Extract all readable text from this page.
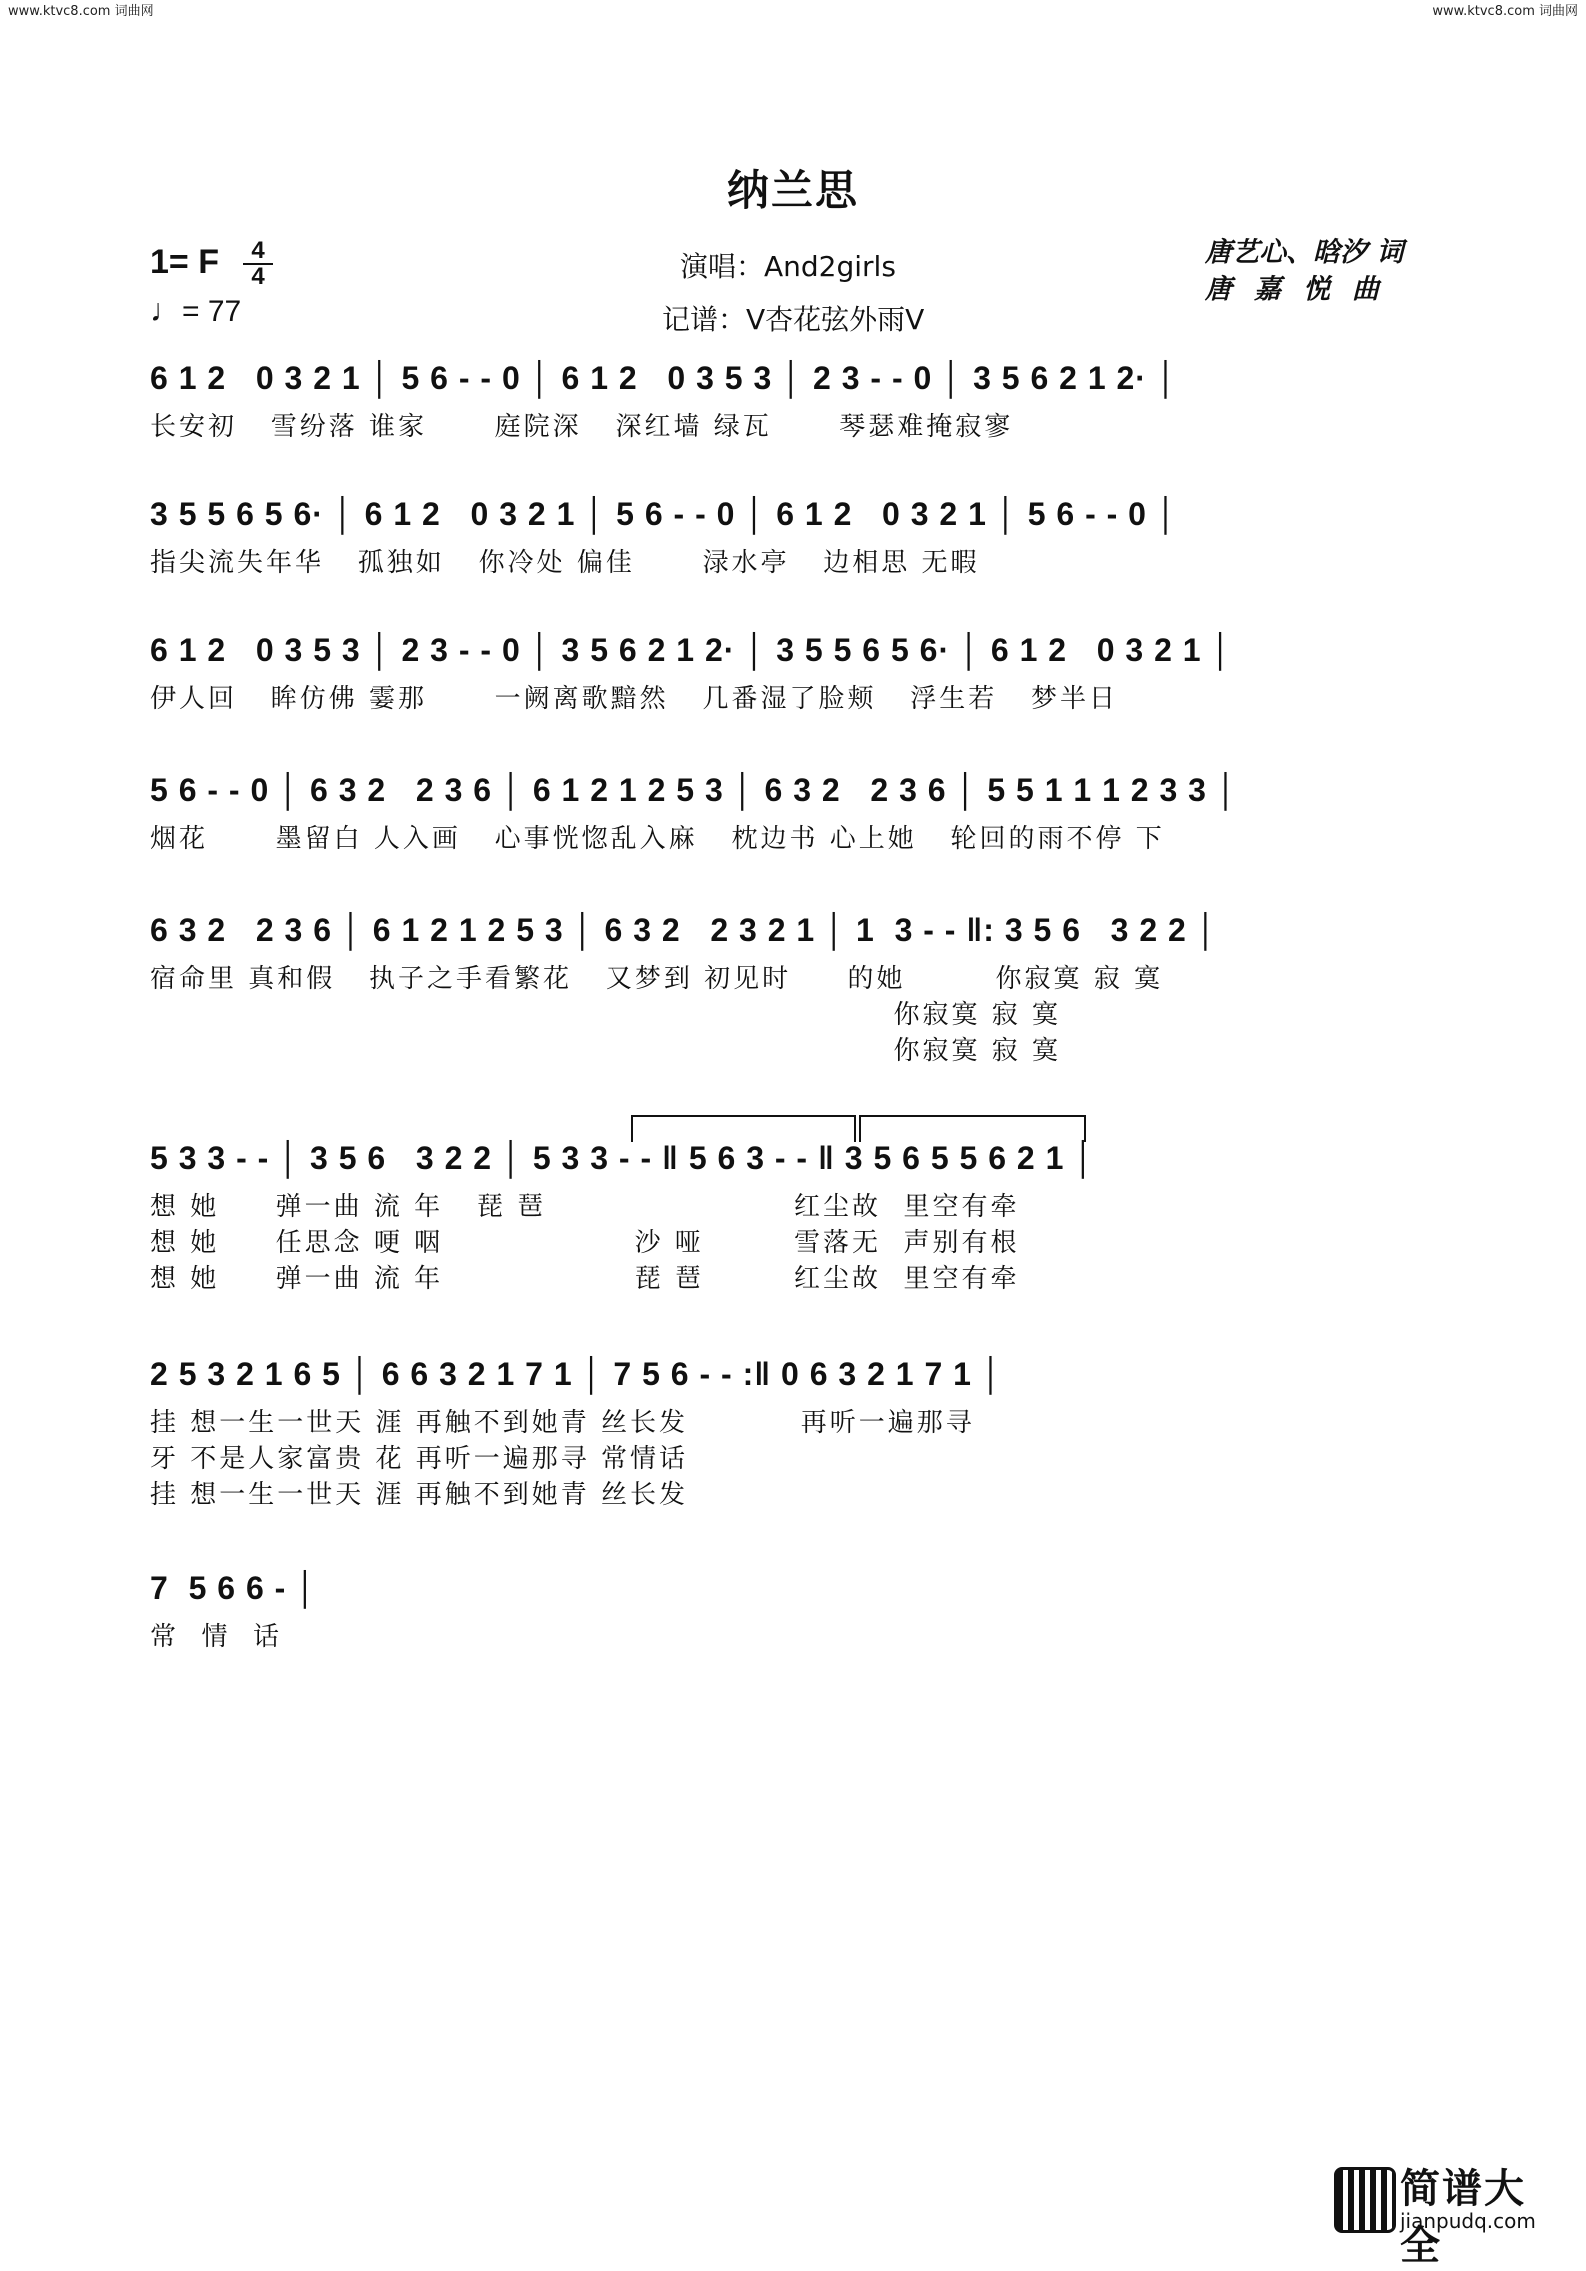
www.ktvc8.com 词曲网	www.ktvc8.com 词曲网
纳兰思
1= F	4
4
♩= 77
演唱：And2girls
记谱：V杏花弦外雨V
唐艺心、晗汐 词
唐嘉悦曲
6 1 2   0 3 2 1 │ 5 6 - - 0 │ 6 1 2   0 3 5 3 │ 2 3 - - 0 │ 3 5 6 2 1 2· │
长安初   雪纷落 谁家      庭院深   深红墙 绿瓦      琴瑟难掩寂寥
3 5 5 6 5 6· │ 6 1 2   0 3 2 1 │ 5 6 - - 0 │ 6 1 2   0 3 2 1 │ 5 6 - - 0 │
指尖流失年华   孤独如   你冷处 偏佳      渌水亭   边相思 无暇
6 1 2   0 3 5 3 │ 2 3 - - 0 │ 3 5 6 2 1 2· │ 3 5 5 6 5 6· │ 6 1 2   0 3 2 1 │
伊人回   眸仿佛 霎那      一阙离歌黯然   几番湿了脸颊   浮生若   梦半日
5 6 - - 0 │ 6 3 2   2 3 6 │ 6 1 2 1 2 5 3 │ 6 3 2   2 3 6 │ 5 5 1 1 1 2 3 3 │
烟花      墨留白 人入画   心事恍惚乱入麻   枕边书 心上她   轮回的雨不停 下
6 3 2   2 3 6 │ 6 1 2 1 2 5 3 │ 6 3 2   2 3 2 1 │ 1  3 - - ‖: 3 5 6   3 2 2 │
宿命里 真和假   执子之手看繁花   又梦到 初见时     的她        你寂寞 寂 寞
你寂寞 寂 寞
你寂寞 寂 寞
5 3 3 - - │ 3 5 6   3 2 2 │ 5 3 3 - - ‖ 5 6 3 - - ‖ 3 5 6 5 5 6 2 1 │
想 她     弹一曲 流 年   琵 琶                      红尘故  里空有牵
想 她     任思念 哽 咽                 沙 哑        雪落无  声别有根
想 她     弹一曲 流 年                 琵 琶        红尘故  里空有牵
2 5 3 2 1 6 5 │ 6 6 3 2 1 7 1 │ 7 5 6 - - :‖ 0 6 3 2 1 7 1 │
挂 想一生一世天 涯 再触不到她青 丝长发          再听一遍那寻
牙 不是人家富贵 花 再听一遍那寻 常情话
挂 想一生一世天 涯 再触不到她青 丝长发
7  5 6 6 - │
常  情  话
简谱大全
jianpudq.com
